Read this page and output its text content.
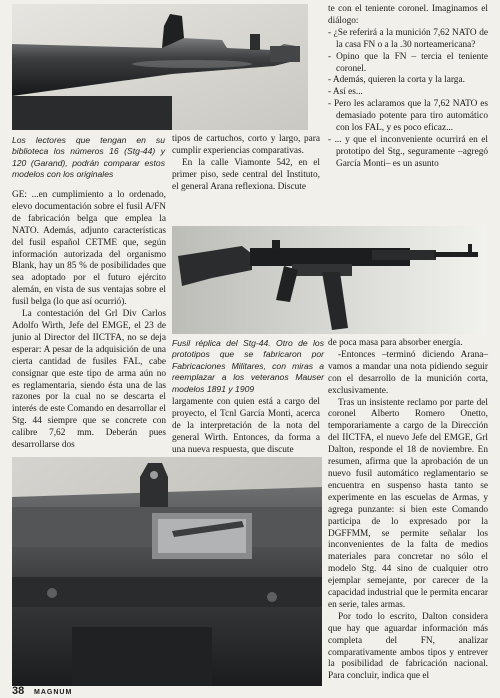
Los lectores que tengan en su biblioteca los números 16 (Stg-44) y 120 (Garand), podrán comparar estos modelos con los originales

GE: ...en cumplimiento a lo ordenado, elevo documentación sobre el fusil A/FN de fabricación belga que emplea la NATO. Además, adjunto características del fusil español CETME que, según información autorizada del organismo Blank, hay un 85 % de posibilidades que sea adoptado por el futuro ejército alemán, en vista de sus ventajas sobre el fusil belga (lo que así ocurrió).

La contestación del Grl Div Carlos Adolfo Wirth, Jefe del EMGE, el 23 de junio al Director del IICTFA, no se deja esperar: A pesar de la adquisición de una cierta cantidad de fusiles FAL, cabe consignar que este tipo de arma aún no es reglamentaria, siendo ésta una de las razones por la cual no se descarta el interés de este Comando en desarrollar el Stg. 44 siempre que se concrete con calibre 7,62 mm. Deberán pues desarrollarse dos

tipos de cartuchos, corto y largo, para cumplir experiencias comparativas.

En la calle Viamonte 542, en el primer piso, sede central del Instituto, el general Arana reflexiona. Discute

Fusil réplica del Stg-44. Otro de los prototipos que se fabricaron por Fabricaciones Militares, con miras a reemplazar a los veteranos Mauser modelos 1891 y 1909

largamente con quien está a cargo del proyecto, el Tcnl García Monti, acerca de la interpretación de la nota del general Wirth. Entonces, da forma a una nueva respuesta, que discute

te con el teniente coronel. Imaginamos el diálogo:

- ¿Se referirá a la munición 7,62 NATO de la casa FN o a la .30 norteamericana?

- Opino que la FN – tercia el teniente coronel.

- Además, quieren la corta y la larga.

- Así es...

- Pero les aclaramos que la 7,62 NATO es demasiado potente para tiro automático con los FAL, y es poco eficaz...

- ... y que el inconveniente ocurrirá en el prototipo del Stg., seguramente –agregó García Monti– es un asunto

de poca masa para absorber energía.

-Entonces –terminó diciendo Arana– vamos a mandar una nota pidiendo seguir con el desarrollo de la munición corta, exclusivamente.

Tras un insistente reclamo por parte del coronel Alberto Romero Onetto, temporariamente a cargo de la Dirección del IICTFA, el nuevo Jefe del EMGE, Grl Dalton, responde el 18 de noviembre. En resumen, afirma que la aprobación de un nuevo fusil automático reglamentario se encuentra en suspenso hasta tanto se experimente en las escuelas de Armas, y agrega punzante: si bien este Comando participa de lo expresado por la DGFFMM, se permite señalar los inconvenientes de la falta de medios materiales para concretar no sólo el modelo Stg. 44 sino de cualquier otro ejemplar semejante, por carecer de la capacidad industrial que le permita encarar en serie, tales armas.

Por todo lo escrito, Dalton considera que hay que aguardar información más completa del FN, analizar comparativamente ambos tipos y entrever la posibilidad de fabricación nacional. Para concluir, indica que el

38 MAGNUM
